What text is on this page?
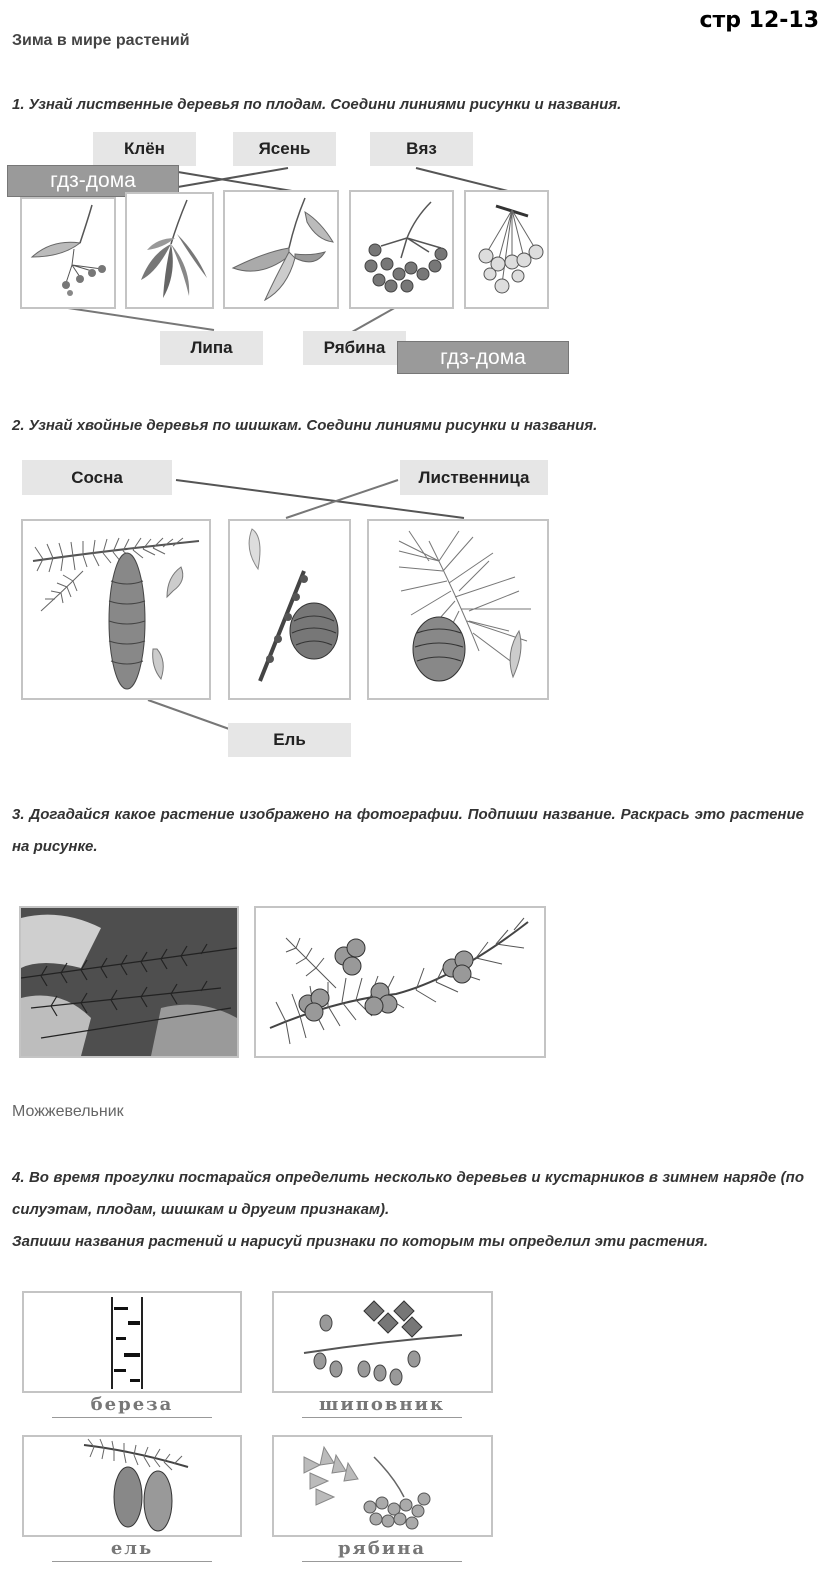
стр 12-13
Зима в мире растений
1. Узнай лиственные деревья по плодам. Соедини линиями рисунки и названия.
Клён	Ясень	Вяз
гдз-дома
Липа	Рябина	гдз-дома
2. Узнай хвойные деревья по шишкам. Соедини линиями рисунки и названия.
Сосна	Лиственница
Ель
3. Догадайся какое растение изображено на фотографии. Подпиши название. Раскрась это растение на рисунке.
Можжевельник
4. Во время прогулки постарайся определить несколько деревьев и кустарников в зимнем наряде (по силуэтам, плодам, шишкам и другим признакам).
Запиши названия растений и нарисуй признаки по которым ты определил эти растения.
береза	шиповник
ель	рябина
